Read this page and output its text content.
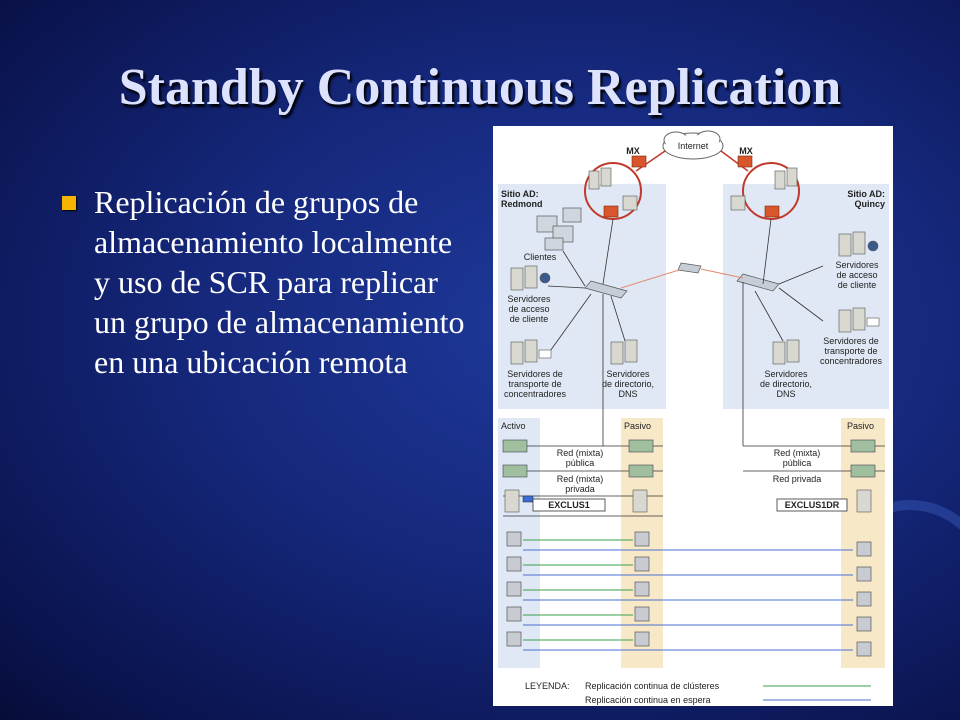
Standby Continuous Replication
Replicación de grupos de almacenamiento localmente y uso de SCR para replicar un grupo de almacenamiento en una ubicación remota
Internet
MX	MX
Sitio AD:
Redmond
Sitio AD:
Quincy
Clientes
Servidores
de acceso
de cliente
Servidores de
transporte de
concentradores
Servidores
de directorio,
DNS
Servidores
de acceso
de cliente
Servidores de
transporte de
concentradores
Servidores
de directorio,
DNS
Activo	Pasivo	Pasivo
Red (mixta)
pública
Red (mixta)
privada
Red (mixta)
pública
Red privada
EXCLUS1	EXCLUS1DR
LEYENDA:	Replicación continua de clústeres
Replicación continua en espera
